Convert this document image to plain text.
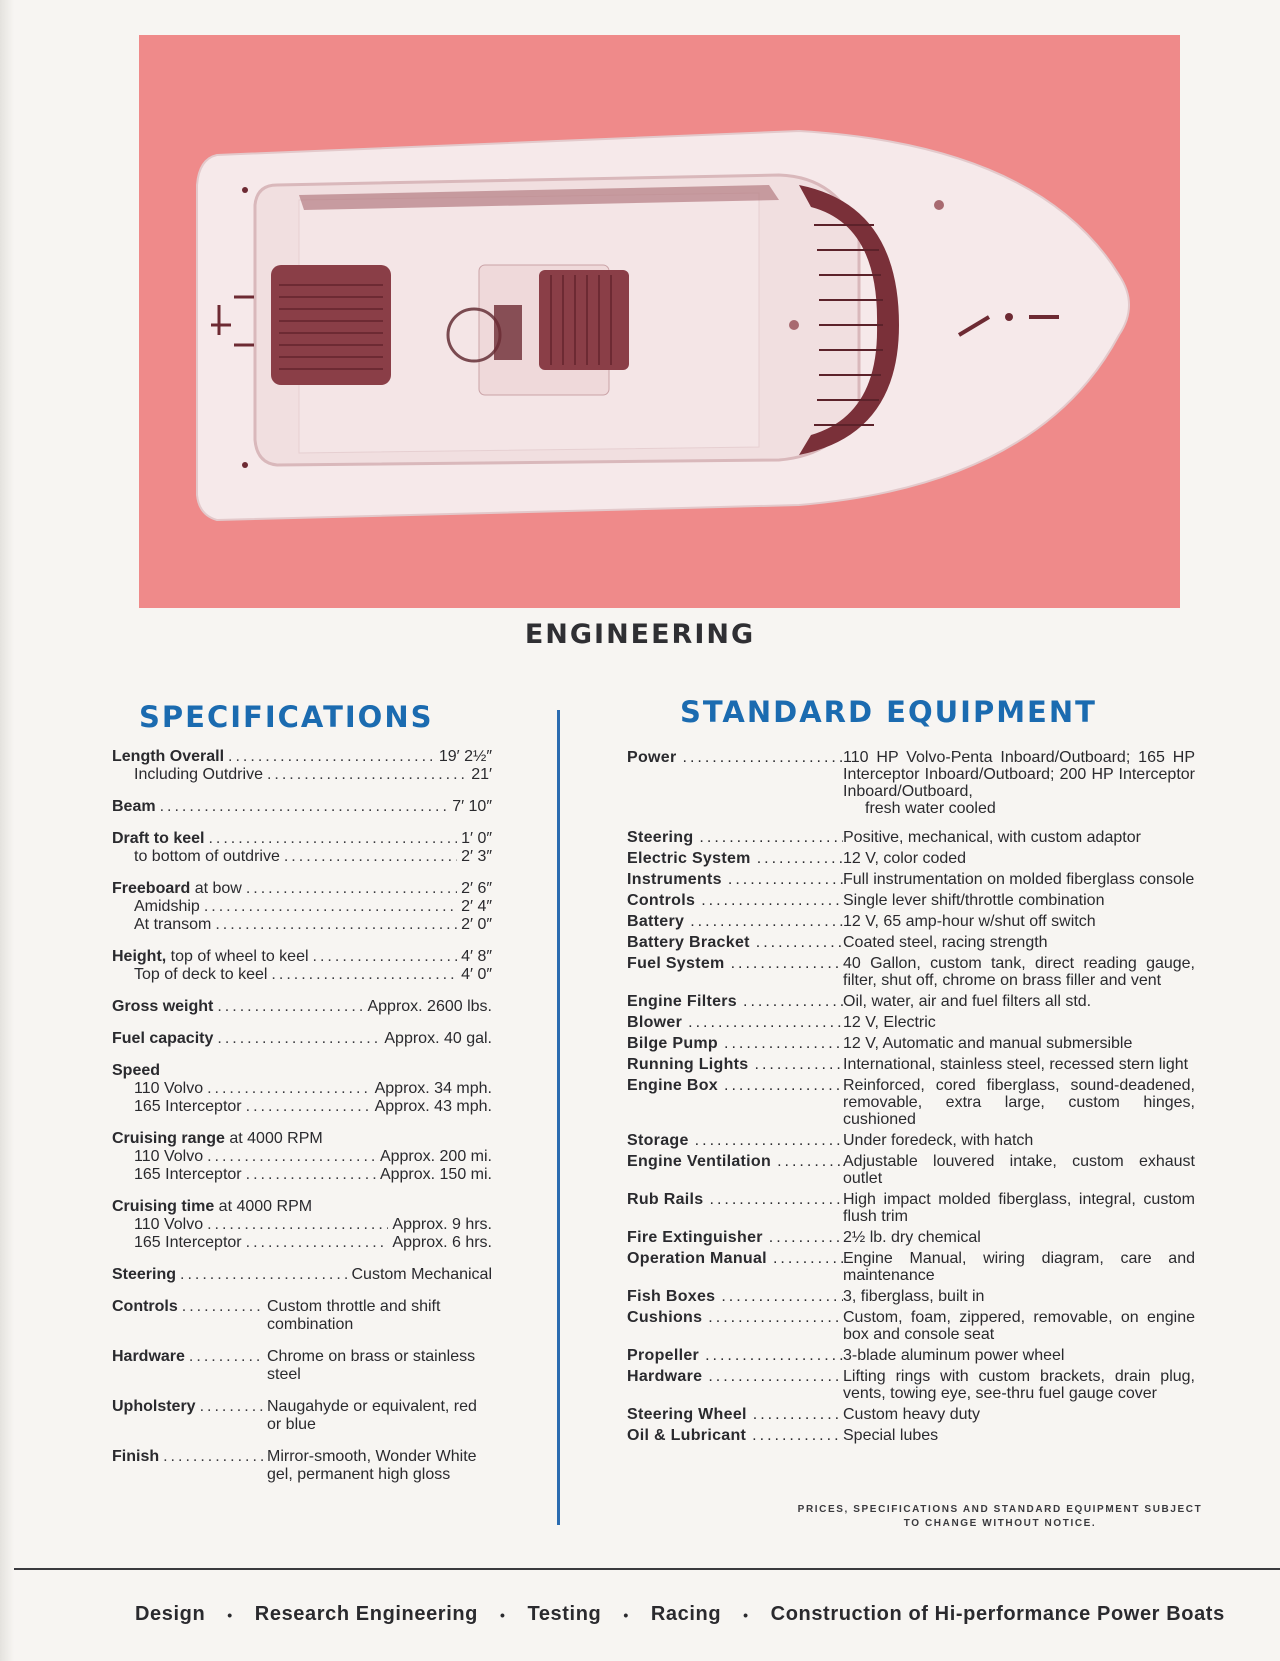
ENGINEERING
SPECIFICATIONS	STANDARD EQUIPMENT
Length Overall .....	19′ 2½″
Including Outdrive .....	21′
Beam .....	7′ 10″
Draft to keel .....	1′ 0″
to bottom of outdrive .....	2′ 3″
Freeboard at bow .....	2′ 6″
Amidship .....	2′ 4″
At transom .....	2′ 0″
Height, top of wheel to keel .....	4′ 8″
Top of deck to keel .....	4′ 0″
Gross weight .....	Approx. 2600 lbs.
Fuel capacity .....	Approx. 40 gal.
Speed
110 Volvo .....	Approx. 34 mph.
165 Interceptor .....	Approx. 43 mph.
Cruising range at 4000 RPM
110 Volvo .....	Approx. 200 mi.
165 Interceptor .....	Approx. 150 mi.
Cruising time at 4000 RPM
110 Volvo .....	Approx. 9 hrs.
165 Interceptor .....	Approx. 6 hrs.
Steering .....	Custom Mechanical
Controls .....	Custom throttle and shift combination
Hardware .....	Chrome on brass or stainless steel
Upholstery .....	Naugahyde or equivalent, red or blue
Finish .....	Mirror-smooth, Wonder White gel, permanent high gloss
Power .....	110 HP Volvo-Penta Inboard/Outboard; 165 HP Interceptor Inboard/Outboard; 200 HP Interceptor Inboard/Outboard,
fresh water cooled
Steering .....	Positive, mechanical, with custom adaptor
Electric System .....	12 V, color coded
Instruments .....	Full instrumentation on molded fiberglass console
Controls .....	Single lever shift/throttle combination
Battery .....	12 V, 65 amp-hour w/shut off switch
Battery Bracket .....	Coated steel, racing strength
Fuel System .....	40 Gallon, custom tank, direct reading gauge, filter, shut off, chrome on brass filler and vent
Engine Filters .....	Oil, water, air and fuel filters all std.
Blower .....	12 V, Electric
Bilge Pump .....	12 V, Automatic and manual submersible
Running Lights .....	International, stainless steel, recessed stern light
Engine Box .....	Reinforced, cored fiberglass, sound-deadened, removable, extra large, custom hinges, cushioned
Storage .....	Under foredeck, with hatch
Engine Ventilation .....	Adjustable louvered intake, custom exhaust outlet
Rub Rails .....	High impact molded fiberglass, integral, custom flush trim
Fire Extinguisher .....	2½ lb. dry chemical
Operation Manual .....	Engine Manual, wiring diagram, care and maintenance
Fish Boxes .....	3, fiberglass, built in
Cushions .....	Custom, foam, zippered, removable, on engine box and console seat
Propeller .....	3-blade aluminum power wheel
Hardware .....	Lifting rings with custom brackets, drain plug, vents, towing eye, see-thru fuel gauge cover
Steering Wheel .....	Custom heavy duty
Oil & Lubricant .....	Special lubes
PRICES, SPECIFICATIONS AND STANDARD EQUIPMENT SUBJECT
TO CHANGE WITHOUT NOTICE.
Design • Research Engineering • Testing • Racing • Construction of Hi-performance Power Boats
